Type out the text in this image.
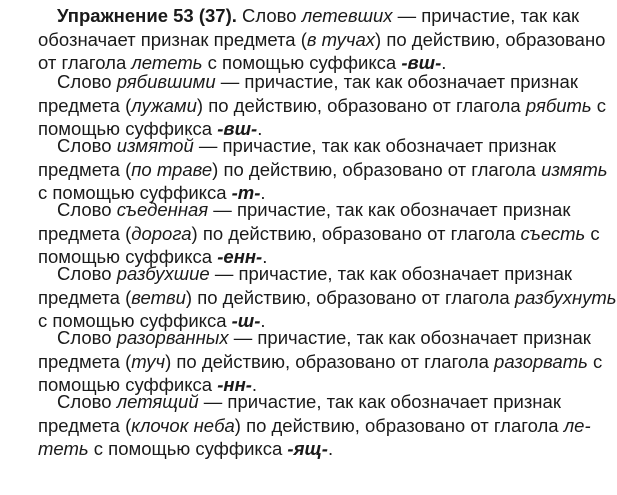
Упражнение 53 (37). Слово летевших — причастие, так как
обозначает признак предмета (в тучах) по действию, образовано
от глагола лететь с помощью суффикса -вш-.
Слово рябившими — причастие, так как обозначает признак
предмета (лужами) по действию, образовано от глагола рябить с
помощью суффикса -вш-.
Слово измятой — причастие, так как обозначает признак
предмета (по траве) по действию, образовано от глагола измять
с помощью суффикса -т-.
Слово съеденная — причастие, так как обозначает признак
предмета (дорога) по действию, образовано от глагола съесть с
помощью суффикса -енн-.
Слово разбухшие — причастие, так как обозначает признак
предмета (ветви) по действию, образовано от глагола разбухнуть
с помощью суффикса -ш-.
Слово разорванных — причастие, так как обозначает признак
предмета (туч) по действию, образовано от глагола разорвать с
помощью суффикса -нн-.
Слово летящий — причастие, так как обозначает признак
предмета (клочок неба) по действию, образовано от глагола ле-
теть с помощью суффикса -ящ-.
